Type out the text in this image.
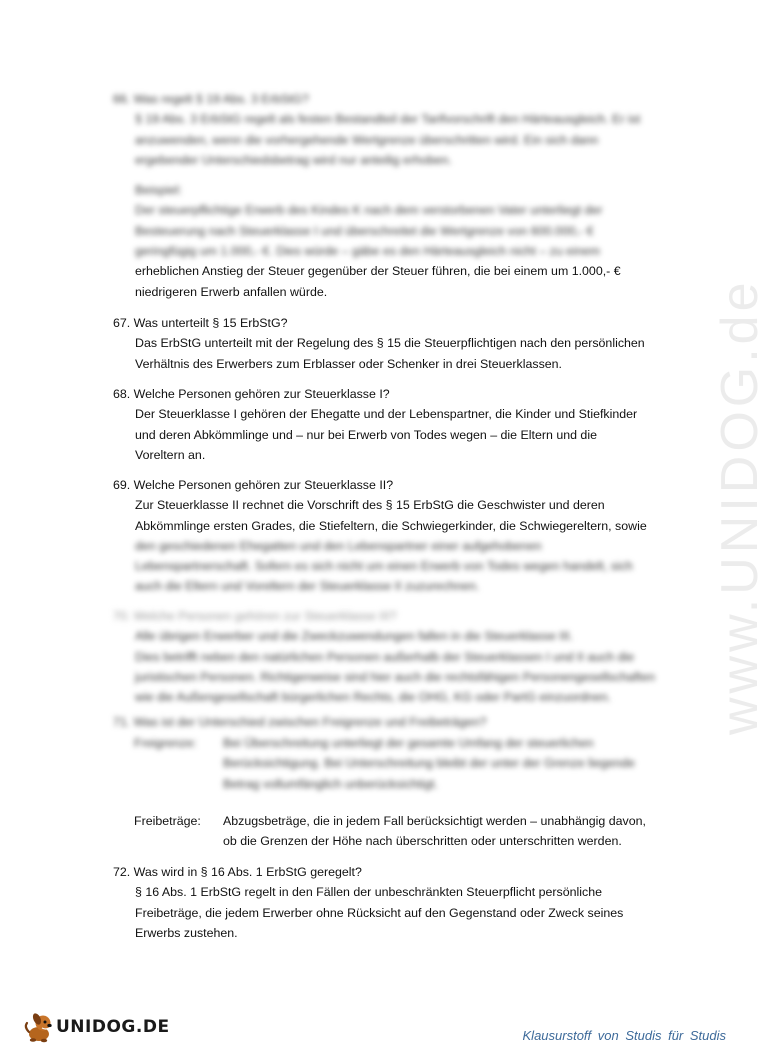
www.UNIDOG.de
66. Was regelt § 19 Abs. 3 ErbStG?
§ 19 Abs. 3 ErbStG regelt als festen Bestandteil der Tarifvorschrift den Härteausgleich. Er ist
anzuwenden, wenn die vorhergehende Wertgrenze überschritten wird. Ein sich dann
ergebender Unterschiedsbetrag wird nur anteilig erhoben.
Beispiel:
Der steuerpflichtige Erwerb des Kindes K nach dem verstorbenen Vater unterliegt der
Besteuerung nach Steuerklasse I und überschreitet die Wertgrenze von 600.000,- €
geringfügig um 1.000,- €. Dies würde – gäbe es den Härteausgleich nicht – zu einem
erheblichen Anstieg der Steuer gegenüber der Steuer führen, die bei einem um 1.000,- €
niedrigeren Erwerb anfallen würde.
67. Was unterteilt § 15 ErbStG?
Das ErbStG unterteilt mit der Regelung des § 15 die Steuerpflichtigen nach den persönlichen
Verhältnis des Erwerbers zum Erblasser oder Schenker in drei Steuerklassen.
68. Welche Personen gehören zur Steuerklasse I?
Der Steuerklasse I gehören der Ehegatte und der Lebenspartner, die Kinder und Stiefkinder
und deren Abkömmlinge und – nur bei Erwerb von Todes wegen – die Eltern und die
Voreltern an.
69. Welche Personen gehören zur Steuerklasse II?
Zur Steuerklasse II rechnet die Vorschrift des § 15 ErbStG die Geschwister und deren
Abkömmlinge ersten Grades, die Stiefeltern, die Schwiegerkinder, die Schwiegereltern, sowie
den geschiedenen Ehegatten und den Lebenspartner einer aufgehobenen
Lebenspartnerschaft. Sofern es sich nicht um einen Erwerb von Todes wegen handelt, sich
auch die Eltern und Voreltern der Steuerklasse II zuzurechnen.
70. Welche Personen gehören zur Steuerklasse III?
Alle übrigen Erwerber und die Zweckzuwendungen fallen in die Steuerklasse III.
Dies betrifft neben den natürlichen Personen außerhalb der Steuerklassen I und II auch die
juristischen Personen. Richtigerweise sind hier auch die rechtsfähigen Personengesellschaften
wie die Außengesellschaft bürgerlichen Rechts, die OHG, KG oder PartG einzuordnen.
71. Was ist der Unterschied zwischen Freigrenze und Freibeträgen?
Freigrenze: Bei Überschreitung unterliegt der gesamte Umfang der steuerlichen
Berücksichtigung. Bei Unterschreitung bleibt der unter der Grenze liegende
Betrag vollumfänglich unberücksichtigt.
Freibeträge: Abzugsbeträge, die in jedem Fall berücksichtigt werden – unabhängig davon,
ob die Grenzen der Höhe nach überschritten oder unterschritten werden.
72. Was wird in § 16 Abs. 1 ErbStG geregelt?
§ 16 Abs. 1 ErbStG regelt in den Fällen der unbeschränkten Steuerpflicht persönliche
Freibeträge, die jedem Erwerber ohne Rücksicht auf den Gegenstand oder Zweck seines
Erwerbs zustehen.
UNIDOG.DE	Klausurstoff von Studis für Studis
